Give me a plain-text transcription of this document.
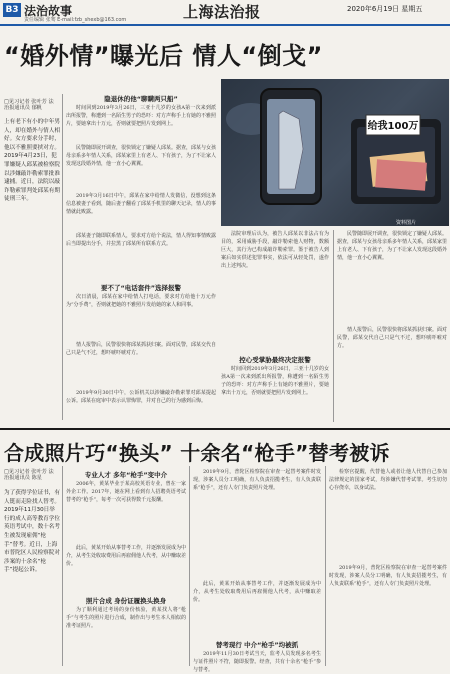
B3 法治故事
责任编辑 张骞 E-mail:fzb_shexb@163.com	上海法治报	2020年6月19日 星期五
“婚外情”曝光后 情人“倒戈”
□见习记者 张叶芳 法治报通讯员 郁帆
上有老下有小的中年男人，却在婚外与情人相好。女方要求分手时，他以不雅照要挟对方。2019年4月23日，犯罪嫌疑人邱某被检察院以涉嫌敲诈勒索罪批准逮捕。近日，法院以敲诈勒索罪判处邱某有期徒刑三年。
隐退休的他“聊瞒两只船”
时间回到2019年3月26日，三亚十几岁的女孩A第一次来到派出所报警，称遭到一名陌生男子的恐吓：对方声称手上有她的不雅照片，要她拿出十万元，否则就要把照片发到网上。
民警随即展开调查，很快锁定了嫌疑人邱某。据查，邱某与女孩母亲系多年情人关系，邱某家里上有老人、下有孩子，为了不让家人发现这段婚外情，他一直小心翼翼。
2019年3月16日中午，邱某在家中给情人发微信，没想到这条信息被妻子看到，随后妻子翻看了邱某手机里的聊天记录，情人的事情就此败露。
邱某妻子随即联系情人，要求对方给个说法，情人得知事情败露后当即提出分手，并拉黑了邱某所有联系方式。
要不了“电话套件”选择报警
次日清晨，邱某在家中给情人打电话，要求对方给他十万元作为“分手费”，否则就把她的不雅照片发给她的家人和同事。
情人报警后，民警很快将邱某抓获归案。面对民警，邱某交代自己只是气不过，想吓唬吓唬对方。
2019年9月30日中午，公诉机关以涉嫌敲诈勒索罪对邱某提起公诉。邱某在庭审中表示认罪悔罪，并对自己的行为感到后悔。
给我100万
资料图片
法院审理后认为，被告人邱某以非法占有为目的，采用威胁手段，敲诈勒索他人财物，数额巨大，其行为已构成敲诈勒索罪。鉴于被告人到案后如实供述犯罪事实，依法可从轻处罚，遂作出上述判决。
控心受掌胁最终决定报警
时间回到2019年3月26日，三亚十几岁的女孩A第一次来到派出所报警，称遭到一名陌生男子的恐吓：对方声称手上有她的不雅照片，要她拿出十万元，否则就要把照片发到网上。
民警随即展开调查，很快锁定了嫌疑人邱某。据查，邱某与女孩母亲系多年情人关系，邱某家里上有老人、下有孩子，为了不让家人发现这段婚外情，他一直小心翼翼。
情人报警后，民警很快将邱某抓获归案。面对民警，邱某交代自己只是气不过，想吓唬吓唬对方。
合成照片巧“换头” 十余名“枪手”替考被诉
□见习记者 张叶芳 法治报通讯员 陈星
为了获得学位证书，有人铤而走险找人替考。2019年11月30日举行的成人高等教育学位英语考试中，数十名考生被发现雇佣“枪手”替考。近日，上海市普陀区人民检察院对涉案的十余名“枪手”提起公诉。
专业人才 多年“枪手”变中介
2006年，黄某毕业于某高校英语专业，曾在一家外企工作。2017年，她在网上看到有人招聘英语考试替考的“枪手”，每考一次可获得数千元报酬。
此后，黄某开始从事替考工作，并逐渐发展成为中介，从考生处收取费用后再雇佣他人代考，从中赚取差价。
照片合成 身份证履换头换身
为了顺利通过考场的身份核验，黄某找人将“枪手”与考生的照片进行合成，制作出与考生本人相似的准考证照片。
2019年9月，普陀区检察院在审查一起替考案件时发现，涉案人员分工明确，有人负责招揽考生，有人负责联系“枪手”，还有人专门负责照片处理。
此后，黄某开始从事替考工作，并逐渐发展成为中介，从考生处收取费用后再雇佣他人代考，从中赚取差价。
替考现行 中介“枪手”均被抓
2019年11月30日考试当天，监考人员发现多名考生与证件照片不符，随即报警。经查，共有十余名“枪手”参与替考。
检察官提醒，代替他人或者让他人代替自己参加法律规定的国家考试，均涉嫌代替考试罪。考生切勿心存侥幸，以身试法。
2019年9月，普陀区检察院在审查一起替考案件时发现，涉案人员分工明确，有人负责招揽考生，有人负责联系“枪手”，还有人专门负责照片处理。
